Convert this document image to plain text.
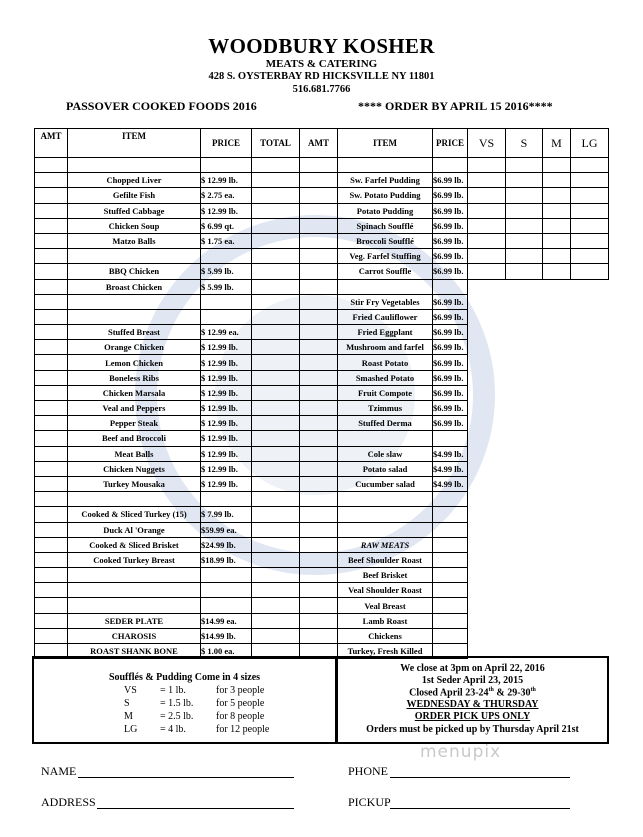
WOODBURY KOSHER
MEATS & CATERING
428 S. OYSTERBAY RD HICKSVILLE NY 11801
516.681.7766
PASSOVER COOKED FOODS 2016	**** ORDER BY APRIL 15 2016****
AMT	ITEM	PRICE	TOTAL	AMT	ITEM	PRICE	VS	S	M	LG

	Chopped Liver	$ 12.99 lb.			Sw. Farfel Pudding	$6.99 lb.				
	Gefilte Fish	$ 2.75 ea.			Sw. Potato Pudding	$6.99 lb.				
	Stuffed Cabbage	$ 12.99 lb.			Potato Pudding	$6.99 lb.				
	Chicken Soup	$ 6.99 qt.			Spinach Soufflé	$6.99 lb.				
	Matzo Balls	$ 1.75 ea.			Broccoli Soufflé	$6.99 lb.				
					Veg. Farfel Stuffing	$6.99 lb.				
	BBQ Chicken	$ 5.99 lb.			Carrot Souffle	$6.99 lb.				
	Broast Chicken	$ 5.99 lb.								
					Stir Fry Vegetables	$6.99 lb.				
					Fried Cauliflower	$6.99 lb.				
	Stuffed Breast	$ 12.99 ea.			Fried Eggplant	$6.99 lb.				
	Orange Chicken	$ 12.99 lb.			Mushroom and farfel	$6.99 lb.				
	Lemon Chicken	$ 12.99 lb.			Roast Potato	$6.99 lb.				
	Boneless Ribs	$ 12.99 lb.			Smashed Potato	$6.99 lb.				
	Chicken Marsala	$ 12.99 lb.			Fruit Compote	$6.99 lb.				
	Veal and Peppers	$ 12.99 lb.			Tzimmus	$6.99 lb.				
	Pepper Steak	$ 12.99 lb.			Stuffed Derma	$6.99 lb.				
	Beef and Broccoli	$ 12.99 lb.								
	Meat Balls	$ 12.99 lb.			Cole slaw	$4.99 lb.				
	Chicken Nuggets	$ 12.99 lb.			Potato salad	$4.99 lb.				
	Turkey Mousaka	$ 12.99 lb.			Cucumber salad	$4.99 lb.				

	Cooked & Sliced Turkey (15)	$ 7.99 lb.								
	Duck Al 'Orange	$59.99 ea.								
	Cooked & Sliced Brisket	$24.99 lb.			RAW MEATS					
	Cooked Turkey Breast	$18.99 lb.			Beef Shoulder Roast					
					Beef Brisket					
					Veal Shoulder Roast					
					Veal Breast					
	SEDER PLATE	$14.99 ea.			Lamb Roast					
	CHAROSIS	$14.99 lb.			Chickens					
	ROAST SHANK BONE	$ 1.00 ea.			Turkey, Fresh Killed					
Soufflés & Pudding Come in 4 sizes
VS = 1 lb.	for 3 people
S	= 1.5 lb. for 5 people
M	= 2.5 lb. for 8 people
LG = 4 lb.	for 12 people
We close at 3pm on April 22, 2016
1st Seder April 23, 2015
Closed April 23-24th & 29-30th
WEDNESDAY & THURSDAY
ORDER PICK UPS ONLY
Orders must be picked up by Thursday April 21st
NAME	PHONE
ADDRESS	PICKUP
menupix
